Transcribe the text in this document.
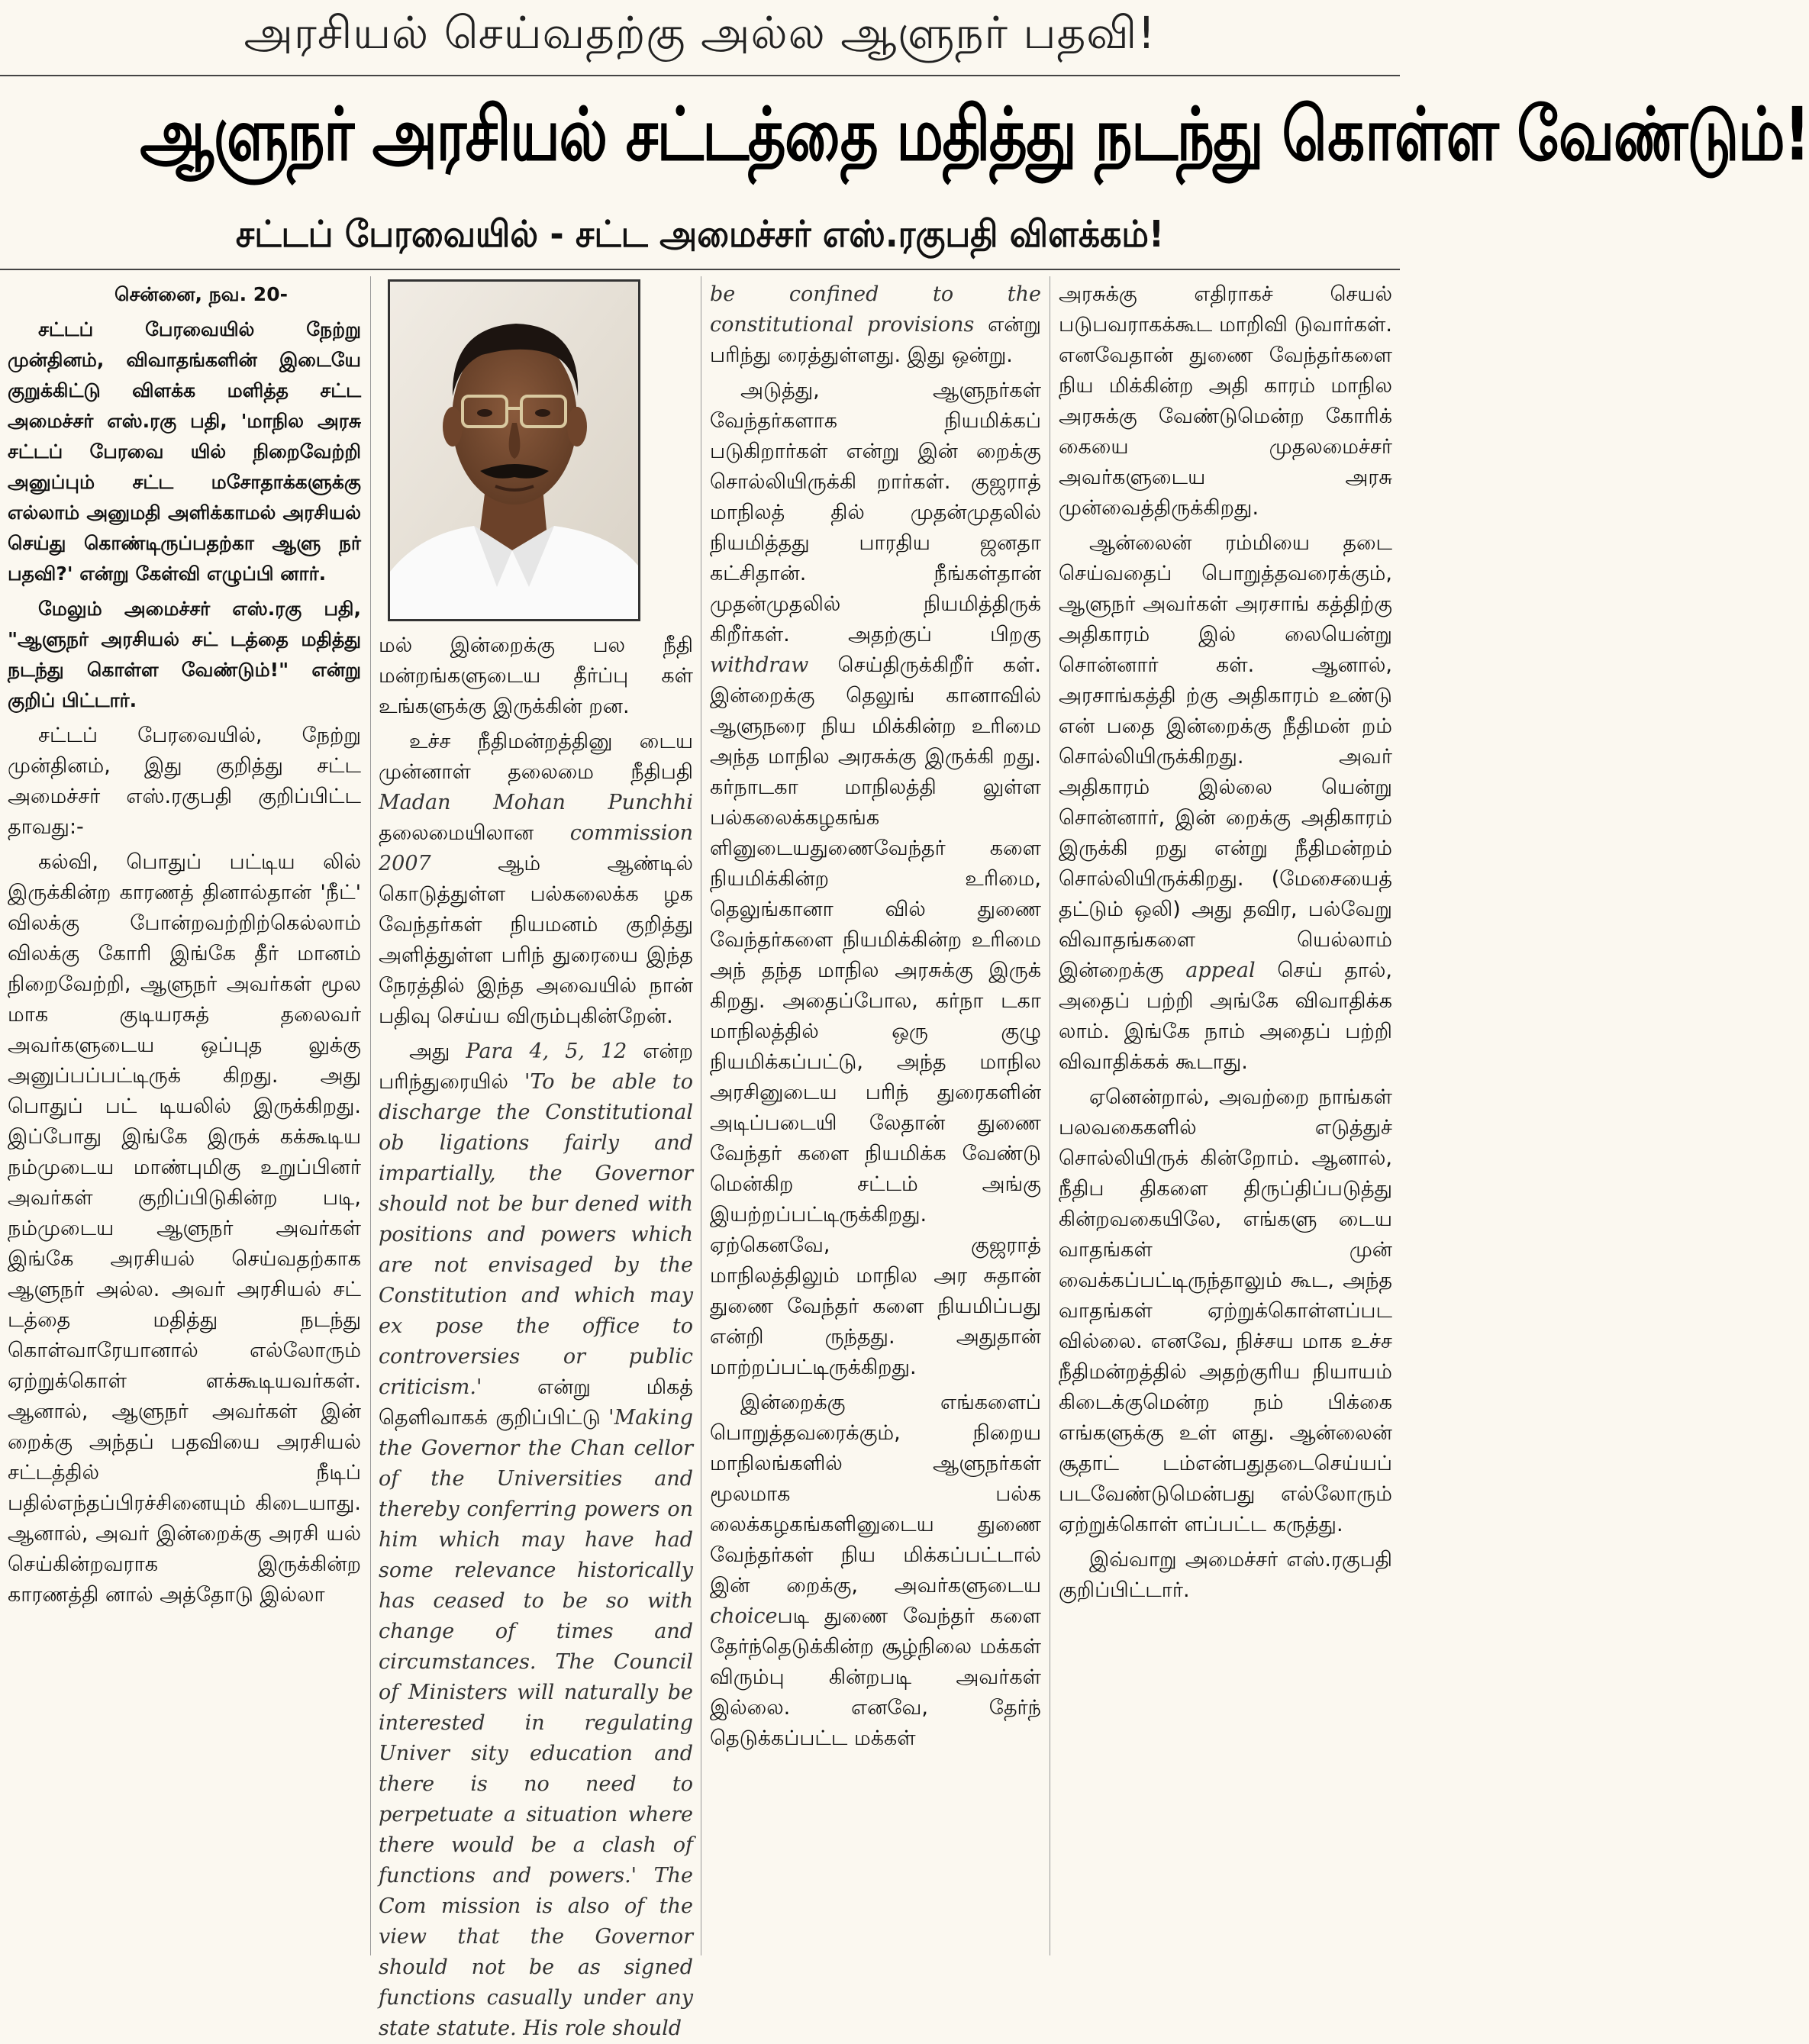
அரசியல் செய்வதற்கு அல்ல ஆளுநர் பதவி!
ஆளுநர் அரசியல் சட்டத்தை மதித்து நடந்து கொள்ள வேண்டும்!
சட்டப் பேரவையில் - சட்ட அமைச்சர் எஸ்.ரகுபதி விளக்கம்!

சென்னை, நவ. 20-

சட்டப் பேரவையில் நேற்று முன்தினம், விவாதங்களின் இடையே குறுக்கிட்டு விளக்க மளித்த சட்ட அமைச்சர் எஸ்.ரகு பதி, 'மாநில அரசு சட்டப் பேரவை யில் நிறைவேற்றி அனுப்பும் சட்ட மசோதாக்களுக்கு எல்லாம் அனுமதி அளிக்காமல் அரசியல் செய்து கொண்டிருப்பதற்கா ஆளு நர் பதவி?' என்று கேள்வி எழுப்பி னார்.

மேலும் அமைச்சர் எஸ்.ரகு பதி, "ஆளுநர் அரசியல் சட் டத்தை மதித்து நடந்து கொள்ள வேண்டும்!" என்று குறிப் பிட்டார்.

சட்டப் பேரவையில், நேற்று முன்தினம், இது குறித்து சட்ட அமைச்சர் எஸ்.ரகுபதி குறிப்பிட்ட தாவது:-

கல்வி, பொதுப் பட்டிய லில் இருக்கின்ற காரணத் தினால்தான் 'நீட்' விலக்கு போன்றவற்றிற்கெல்லாம் விலக்கு கோரி இங்கே தீர் மானம் நிறைவேற்றி, ஆளுநர் அவர்கள் மூல மாக குடியரசுத் தலைவர் அவர்களுடைய ஒப்புத லுக்கு அனுப்பப்பட்டிருக் கிறது. அது பொதுப் பட் டியலில் இருக்கிறது. இப்போது இங்கே இருக் கக்கூடிய நம்முடைய மாண்புமிகு உறுப்பினர் அவர்கள் குறிப்பிடுகின்ற படி, நம்முடைய ஆளுநர் அவர்கள் இங்கே அரசியல் செய்வதற்காக ஆளுநர் அல்ல. அவர் அரசியல் சட் டத்தை மதித்து நடந்து கொள்வாரேயானால் எல்லோரும் ஏற்றுக்கொள் ளக்கூடியவர்கள். ஆனால், ஆளுநர் அவர்கள் இன் றைக்கு அந்தப் பதவியை அரசியல் சட்டத்தில் நீடிப் பதில்எந்தப்பிரச்சினையும் கிடையாது. ஆனால், அவர் இன்றைக்கு அரசி யல் செய்கின்றவராக இருக்கின்ற காரணத்தி னால் அத்தோடு இல்லா

மல் இன்றைக்கு பல நீதி மன்றங்களுடைய தீர்ப்பு கள் உங்களுக்கு இருக்கின் றன.

உச்ச நீதிமன்றத்தினு டைய முன்னாள் தலைமை நீதிபதி Madan Mohan Punchhi தலைமையிலான commission 2007 ஆம் ஆண்டில் கொடுத்துள்ள பல்கலைக்க ழக வேந்தர்கள் நியமனம் குறித்து அளித்துள்ள பரிந் துரையை இந்த நேரத்தில் இந்த அவையில் நான் பதிவு செய்ய விரும்புகின்றேன்.

அது Para 4, 5, 12 என்ற பரிந்துரையில் 'To be able to discharge the Constitutional ob ligations fairly and impartially, the Governor should not be bur dened with positions and powers which are not envisaged by the Constitution and which may ex pose the office to controversies or public criticism.' என்று மிகத் தெளிவாகக் குறிப்பிட்டு 'Making the Governor the Chan cellor of the Universities and thereby conferring powers on him which may have had some relevance historically has ceased to be so with change of times and circumstances. The Council of Ministers will naturally be interested in regulating Univer sity education and there is no need to perpetuate a situation where there would be a clash of functions and powers.' The Com mission is also of the view that the Governor should not be as signed functions casually under any state statute. His role should

be confined to the constitutional provisions என்று பரிந்து ரைத்துள்ளது. இது ஒன்று.

அடுத்து, ஆளுநர்கள் வேந்தர்களாக நியமிக்கப் படுகிறார்கள் என்று இன் றைக்கு சொல்லியிருக்கி றார்கள். குஜராத் மாநிலத் தில் முதன்முதலில் நியமித்தது பாரதிய ஜனதா கட்சிதான். நீங்கள்தான் முதன்முதலில் நியமித்திருக் கிறீர்கள். அதற்குப் பிறகு withdraw செய்திருக்கிறீர் கள். இன்றைக்கு தெலுங் கானாவில் ஆளுநரை நிய மிக்கின்ற உரிமை அந்த மாநில அரசுக்கு இருக்கி றது. கர்நாடகா மாநிலத்தி லுள்ள பல்கலைக்கழகங்க ளினுடையதுணைவேந்தர் களை நியமிக்கின்ற உரிமை, தெலுங்கானா வில் துணை வேந்தர்களை நியமிக்கின்ற உரிமை அந் தந்த மாநில அரசுக்கு இருக் கிறது. அதைப்போல, கர்நா டகா மாநிலத்தில் ஒரு குழு நியமிக்கப்பட்டு, அந்த மாநில அரசினுடைய பரிந் துரைகளின் அடிப்படையி லேதான் துணை வேந்தர் களை நியமிக்க வேண்டு மென்கிற சட்டம் அங்கு இயற்றப்பட்டிருக்கிறது. ஏற்கெனவே, குஜராத் மாநிலத்திலும் மாநில அர சுதான் துணை வேந்தர் களை நியமிப்பது என்றி ருந்தது. அதுதான் மாற்றப்பட்டிருக்கிறது.

இன்றைக்கு எங்களைப் பொறுத்தவரைக்கும், நிறைய மாநிலங்களில் ஆளுநர்கள் மூலமாக பல்க லைக்கழகங்களினுடைய துணை வேந்தர்கள் நிய மிக்கப்பட்டால் இன் றைக்கு, அவர்களுடைய choiceபடி துணை வேந்தர் களை தேர்ந்தெடுக்கின்ற சூழ்நிலை மக்கள் விரும்பு கின்றபடி அவர்கள் இல்லை. எனவே, தேர்ந் தெடுக்கப்பட்ட மக்கள்

அரசுக்கு எதிராகச் செயல் படுபவராகக்கூட மாறிவி டுவார்கள். எனவேதான் துணை வேந்தர்களை நிய மிக்கின்ற அதி காரம் மாநில அரசுக்கு வேண்டுமென்ற கோரிக் கையை முதலமைச்சர் அவர்களுடைய அரசு முன்வைத்திருக்கிறது.

ஆன்லைன் ரம்மியை தடை செய்வதைப் பொறுத்தவரைக்கும், ஆளுநர் அவர்கள் அரசாங் கத்திற்கு அதிகாரம் இல் லையென்று சொன்னார் கள். ஆனால், அரசாங்கத்தி ற்கு அதிகாரம் உண்டு என் பதை இன்றைக்கு நீதிமன் றம் சொல்லியிருக்கிறது. அவர் அதிகாரம் இல்லை யென்று சொன்னார், இன் றைக்கு அதிகாரம் இருக்கி றது என்று நீதிமன்றம் சொல்லியிருக்கிறது. (மேசையைத் தட்டும் ஒலி) அது தவிர, பல்வேறு விவாதங்களை யெல்லாம் இன்றைக்கு appeal செய் தால், அதைப் பற்றி அங்கே விவாதிக்க லாம். இங்கே நாம் அதைப் பற்றி விவாதிக்கக் கூடாது.

ஏனென்றால், அவற்றை நாங்கள் பலவகைகளில் எடுத்துச் சொல்லியிருக் கின்றோம். ஆனால், நீதிப திகளை திருப்திப்படுத்து கின்றவகையிலே, எங்களு டைய வாதங்கள் முன் வைக்கப்பட்டிருந்தாலும் கூட, அந்த வாதங்கள் ஏற்றுக்கொள்ளப்பட வில்லை. எனவே, நிச்சய மாக உச்ச நீதிமன்றத்தில் அதற்குரிய நியாயம் கிடைக்குமென்ற நம் பிக்கை எங்களுக்கு உள் ளது. ஆன்லைன் சூதாட் டம்என்பதுதடைசெய்யப் படவேண்டுமென்பது எல்லோரும் ஏற்றுக்கொள் ளப்பட்ட கருத்து.

இவ்வாறு அமைச்சர் எஸ்.ரகுபதி குறிப்பிட்டார்.
